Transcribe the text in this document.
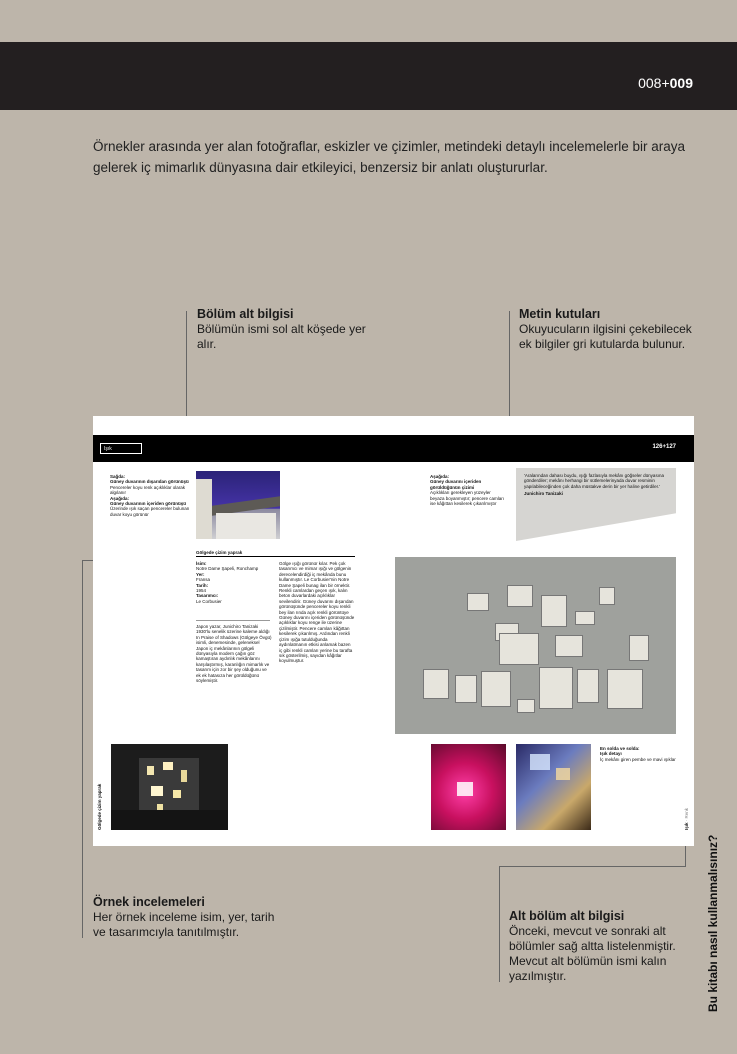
008+009
Örnekler arasında yer alan fotoğraflar, eskizler ve çizimler, metindeki detaylı incelemelerle bir araya gelerek iç mimarlık dünyasına dair etkileyici, benzersiz bir anlatı oluştururlar.
Bölüm alt bilgisi
Bölümün ismi sol alt köşede yer alır.
Metin kutuları
Okuyucuların ilgisini çekebilecek ek bilgiler gri kutularda bulunur.
Örnek incelemeleri
Her örnek inceleme isim, yer, tarih ve tasarımcıyla tanıtılmıştır.
Alt bölüm alt bilgisi
Önceki, mevcut ve sonraki alt bölümler sağ altta listelenmiştir. Mevcut alt bölümün ismi kalın yazılmıştır.	Bu kitabı nasıl kullanmalısınız?
Işık	126+127
Sağda:
Güney duvarının dışarıdan görünüşü
Pencereler koyu renk açıklıklar olarak algılanır
Aşağıda:
Güney duvarının içeriden görünüşü
Üzerinde ışık saçan pencereler bulunan duvar koyu görünür
Aşağıda:
Güney duvarını içeriden görüldüğünün çizimi
Açıklıkları gerekleyen yüzeyler beyaza boyanmıştır; pencere camları ise kâğıttan kesilerek çıkarılmıştır
'Aralarından dahası buydu, ışığı fazlasıyla mekânı göğseler dünyasına gönderdiler; mekânı herhangi bir sütlemelerinyada duvar resminin yapılabileceğinden çok daha müstakve derin bir yer haline getirdiler.'
Junichiro Tanizaki
Gölgede çizim yaprak
İsim:
Notre Dame Şapeli, Ronchamp
Yer:
Fransa
Tarih:
1954
Tasarımcı:
Le Corbusier
Japon yazar, Junichiro Tanizaki 1930'lu senelik üzerine kaleme aldığı In Praise of Shadows (Gölgeye Övgü) isimli, denemesinde, geleneksel Japon iç mekânlarının gölgeli dünyasıyla modern çağın göz kamaştıran aydınlık mekânlarını karşılaştırmış, karanlığın mimarlık ve tasarım için zor bir şey olduğunu ve ek ek hatasıza her görüldüğünü söylemiştir.
Gölge ışığı görünür kılar. Pek çok tasarımcı ve mimar ışığı ve gölgenin derecelendirdiği iç mekânda bunu kullanmıştır. Le Corbusier'nin Notre Dame Şapeli bunag ilan bir örnektir. Renkli camlardan geçen ışık, kalın beton duvarlardaki açıklıklar sevilendirir. Güney duvarını dışarıdan görünüşünde pencereler koyu renkli bey ilan rında açık renkli görüntüye Güney duvarını içeriden görünüşünde açıklıklar koyu renge ile üzerine çizilmiştir. Pencere camları kâğıttan kesilerek çıkarılmış. Ardından renkli çizim ışığa tutulduğunda aydınlatmanın etkisi anlamak bazen iç gibi renkli camları yerine bu tarafta sık gösterilmiş, sayıdan kâğıtlar koyulmuştur.
En solda ve solda:
Işık detayı
İç mekânı giren pembe ve mavi ışıklar
Gölgede çizim yaprak	Işık · Renk
